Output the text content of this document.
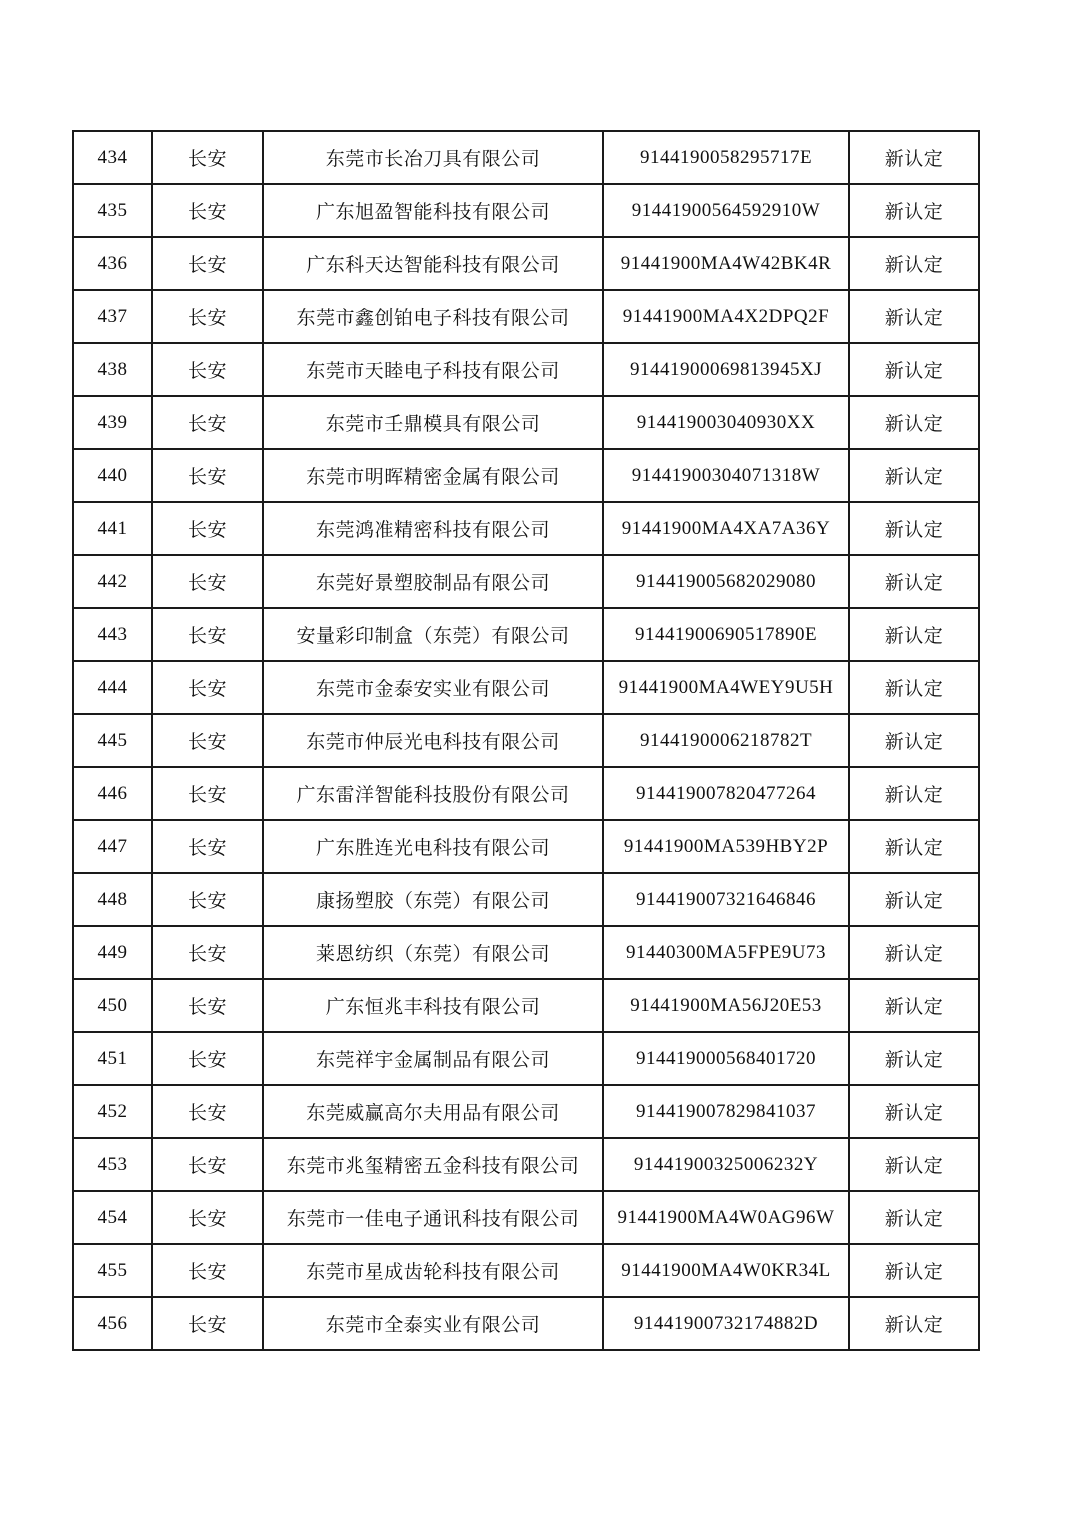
434	长安	东莞市长冶刀具有限公司	9144190058295717E	新认定
435	长安	广东旭盈智能科技有限公司	91441900564592910W	新认定
436	长安	广东科天达智能科技有限公司	91441900MA4W42BK4R	新认定
437	长安	东莞市鑫创铂电子科技有限公司	91441900MA4X2DPQ2F	新认定
438	长安	东莞市天睦电子科技有限公司	91441900069813945XJ	新认定
439	长安	东莞市壬鼎模具有限公司	914419003040930XX	新认定
440	长安	东莞市明晖精密金属有限公司	91441900304071318W	新认定
441	长安	东莞鸿准精密科技有限公司	91441900MA4XA7A36Y	新认定
442	长安	东莞好景塑胶制品有限公司	914419005682029080	新认定
443	长安	安量彩印制盒（东莞）有限公司	91441900690517890E	新认定
444	长安	东莞市金泰安实业有限公司	91441900MA4WEY9U5H	新认定
445	长安	东莞市仲辰光电科技有限公司	9144190006218782T	新认定
446	长安	广东雷洋智能科技股份有限公司	914419007820477264	新认定
447	长安	广东胜连光电科技有限公司	91441900MA539HBY2P	新认定
448	长安	康扬塑胶（东莞）有限公司	914419007321646846	新认定
449	长安	莱恩纺织（东莞）有限公司	91440300MA5FPE9U73	新认定
450	长安	广东恒兆丰科技有限公司	91441900MA56J20E53	新认定
451	长安	东莞祥宇金属制品有限公司	914419000568401720	新认定
452	长安	东莞威赢高尔夫用品有限公司	914419007829841037	新认定
453	长安	东莞市兆玺精密五金科技有限公司	91441900325006232Y	新认定
454	长安	东莞市一佳电子通讯科技有限公司	91441900MA4W0AG96W	新认定
455	长安	东莞市星成齿轮科技有限公司	91441900MA4W0KR34L	新认定
456	长安	东莞市全泰实业有限公司	91441900732174882D	新认定
